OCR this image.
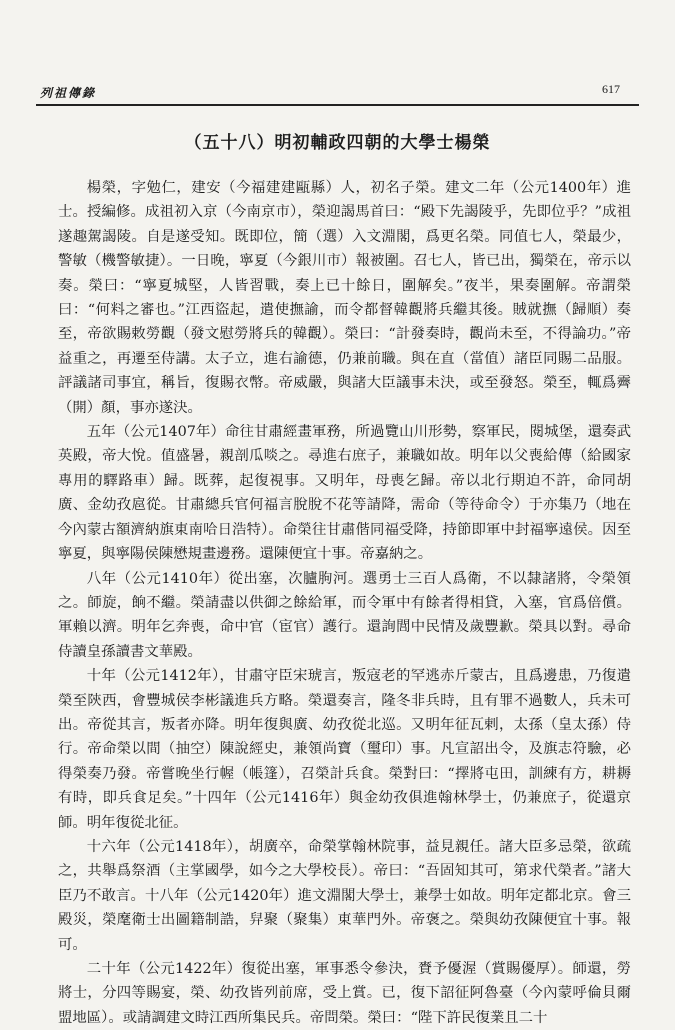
列祖傳錄	617
（五十八）明初輔政四朝的大學士楊榮

楊榮，字勉仁，建安（今福建建甌縣）人，初名子榮。建文二年（公元1400年）進士。授編修。成祖初入京（今南京市），榮迎謁馬首曰：“殿下先謁陵乎，先即位乎？”成祖遂趣駕謁陵。自是遂受知。既即位，簡（選）入文淵閣，爲更名榮。同值七人，榮最少，警敏（機警敏捷）。一日晚，寧夏（今銀川市）報被圍。召七人，皆已出，獨榮在，帝示以奏。榮曰：“寧夏城堅，人皆習戰，奏上已十餘日，圍解矣。”夜半，果奏圍解。帝謂榮曰：“何料之審也。”江西盜起，遣使撫諭，而令都督韓觀將兵繼其後。賊就撫（歸順）奏至，帝欲賜敕勞觀（發文慰勞將兵的韓觀）。榮曰：“計發奏時，觀尚未至，不得論功。”帝益重之，再遷至侍講。太子立，進右諭德，仍兼前職。與在直（當值）諸臣同賜二品服。評議諸司事宜，稱旨，復賜衣幣。帝威嚴，與諸大臣議事未決，或至發怒。榮至，輒爲霽（開）顏，事亦遂決。

五年（公元1407年）命往甘肅經畫軍務，所過覽山川形勢，察軍民，閱城堡，還奏武英殿，帝大悅。值盛暑，親剖瓜啖之。尋進右庶子，兼職如故。明年以父喪給傳（給國家專用的驛路車）歸。既葬，起復視事。又明年，母喪乞歸。帝以北行期迫不許，命同胡廣、金幼孜扈從。甘肅總兵官何福言脫脫不花等請降，需命（等待命令）于亦集乃（地在今內蒙古額濟納旗東南哈日浩特）。命榮往甘肅偕同福受降，持節即軍中封福寧遠侯。因至寧夏，與寧陽侯陳懋規畫邊務。還陳便宜十事。帝嘉納之。

八年（公元1410年）從出塞，次臚朐河。選勇士三百人爲衛，不以隸諸將，令榮領之。師旋，餉不繼。榮請盡以供御之餘給軍，而令軍中有餘者得相貸，入塞，官爲倍償。軍賴以濟。明年乞奔喪，命中官（宦官）護行。還詢閭中民情及歲豐歉。榮具以對。尋命侍讀皇孫讀書文華殿。

十年（公元1412年），甘肅守臣宋琥言，叛寇老的罕逃赤斤蒙古，且爲邊患，乃復遣榮至陝西，會豐城侯李彬議進兵方略。榮還奏言，隆冬非兵時，且有罪不過數人，兵未可出。帝從其言，叛者亦降。明年復與廣、幼孜從北巡。又明年征瓦剌，太孫（皇太孫）侍行。帝命榮以間（抽空）陳說經史，兼領尚寶（璽印）事。凡宣詔出令，及旗志符驗，必得榮奏乃發。帝嘗晚坐行幄（帳篷），召榮計兵食。榮對曰：“擇將屯田，訓練有方，耕耨有時，即兵食足矣。”十四年（公元1416年）與金幼孜俱進翰林學士，仍兼庶子，從還京師。明年復從北征。

十六年（公元1418年），胡廣卒，命榮掌翰林院事，益見親任。諸大臣多忌榮，欲疏之，共舉爲祭酒（主掌國學，如今之大學校長）。帝曰：“吾固知其可，第求代榮者。”諸大臣乃不敢言。十八年（公元1420年）進文淵閣大學士，兼學士如故。明年定都北京。會三殿災，榮麾衛士出圖籍制誥，舁聚（聚集）東華門外。帝褒之。榮與幼孜陳便宜十事。報可。

二十年（公元1422年）復從出塞，軍事悉令參決，賚予優渥（賞賜優厚）。師還，勞將士，分四等賜宴，榮、幼孜皆列前席，受上賞。已，復下詔征阿魯臺（今內蒙呼倫貝爾盟地區）。或請調建文時江西所集民兵。帝問榮。榮曰：“陛下許民復業且二十
